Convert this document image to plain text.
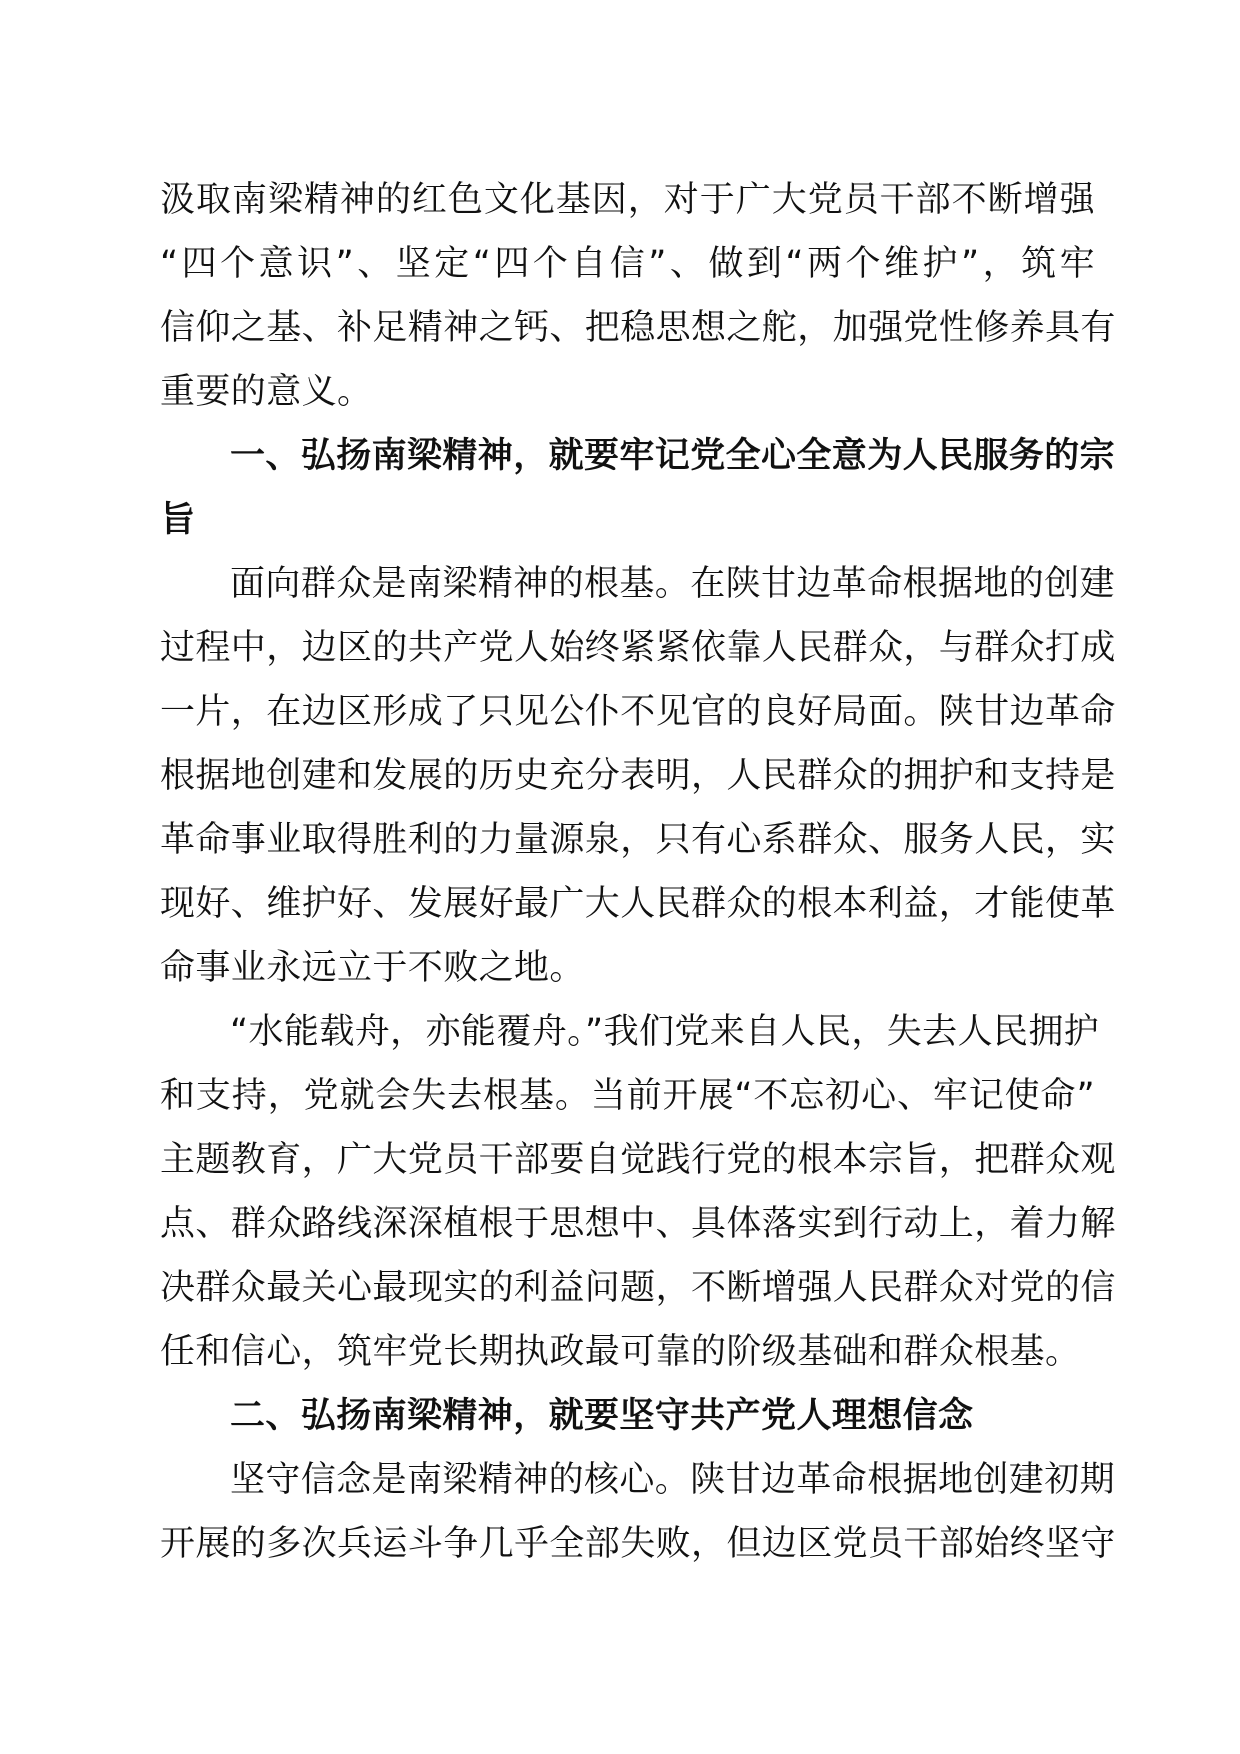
汲取南梁精神的红色文化基因，对于广大党员干部不断增强
“四个意识”、坚定“四个自信”、做到“两个维护”，筑牢
信仰之基、补足精神之钙、把稳思想之舵，加强党性修养具有
重要的意义。
一、弘扬南梁精神，就要牢记党全心全意为人民服务的宗
旨
面向群众是南梁精神的根基。在陕甘边革命根据地的创建
过程中，边区的共产党人始终紧紧依靠人民群众，与群众打成
一片，在边区形成了只见公仆不见官的良好局面。陕甘边革命
根据地创建和发展的历史充分表明，人民群众的拥护和支持是
革命事业取得胜利的力量源泉，只有心系群众、服务人民，实
现好、维护好、发展好最广大人民群众的根本利益，才能使革
命事业永远立于不败之地。
“水能载舟，亦能覆舟。”我们党来自人民，失去人民拥护
和支持，党就会失去根基。当前开展“不忘初心、牢记使命”
主题教育，广大党员干部要自觉践行党的根本宗旨，把群众观
点、群众路线深深植根于思想中、具体落实到行动上，着力解
决群众最关心最现实的利益问题，不断增强人民群众对党的信
任和信心，筑牢党长期执政最可靠的阶级基础和群众根基。
二、弘扬南梁精神，就要坚守共产党人理想信念
坚守信念是南梁精神的核心。陕甘边革命根据地创建初期
开展的多次兵运斗争几乎全部失败，但边区党员干部始终坚守
